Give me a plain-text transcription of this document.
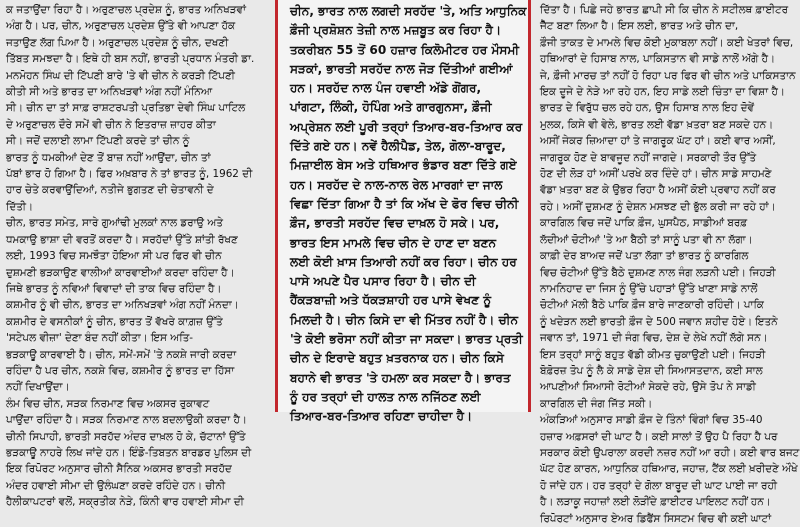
ਕ ਜਤਾਉਂਦਾ ਰਿਹਾ ਹੈ। ਅਰੁਣਾਚਲ ਪ੍ਰਦੇਸ਼ ਨੂੰ, ਭਾਰਤ ਅਨਿਖੜਵਾਂ
ਅੰਗ ਹੈ। ਪਰ, ਚੀਨ, ਅਰੁਣਾਚਲ ਪ੍ਰਦੇਸ਼ ਉੱਤੇ ਵੀ ਆਪਣਾ ਹੱਕ
ਜਤਾਉਣ ਲੱਗ ਪਿਆ ਹੈ। ਅਰੁਣਾਚਲ ਪ੍ਰਦੇਸ਼ ਨੂੰ ਚੀਨ, ਦਖਣੀ
ਤਿੱਬਤ ਸਮਝਦਾ ਹੈ। ਇਥੇ ਹੀ ਬਸ ਨਹੀਂ, ਭਾਰਤੀ ਪ੍ਰਧਾਨ ਮੰਤਰੀ ਡਾ.
ਮਨਮੋਹਨ ਸਿੰਘ ਦੀ ਟਿੱਪਣੀ ਬਾਰੇ 'ਤੇ ਵੀ ਚੀਨ ਨੇ ਕਰੜੀ ਟਿੱਪਣੀ
ਕੀਤੀ ਸੀ ਅਤੇ ਭਾਰਤ ਦਾ ਅਨਿਖੜਵਾਂ ਅੰਗ ਨਹੀਂ ਮੰਨਿਆ
ਸੀ। ਚੀਨ ਦਾ ਤਾਂ ਸਾਫ਼ ਰਾਸ਼ਟਰਪਤੀ ਪ੍ਰਤਿਭਾ ਦੇਵੀ ਸਿੰਘ ਪਾਟਿਲ
ਦੇ ਅਰੁਣਾਚਲ ਦੌਰੇ ਸਮੇਂ ਵੀ ਚੀਨ ਨੇ ਇਤਰਾਜ਼ ਜ਼ਾਹਰ ਕੀਤਾ
ਸੀ। ਜਦੋਂ ਦਲਾਈ ਲਾਮਾ ਟਿੱਪਣੀ ਕਰਦੇ ਤਾਂ ਚੀਨ ਨੂੰ
ਭਾਰਤ ਨੂੰ ਧਮਕੀਆਂ ਦੇਣ ਤੋਂ ਬਾਜ਼ ਨਹੀਂ ਆਉਂਦਾ, ਚੀਨ ਤਾਂ
ਪੱਬਾਂ ਭਾਰ ਹੋ ਗਿਆ ਹੈ। ਫਿਰ ਅਖ਼ਬਾਰ ਨੇ ਤਾਂ ਭਾਰਤ ਨੂੰ, 1962 ਦੀ
ਹਾਰ ਚੇਤੇ ਕਰਵਾਉਂਦਿਆਂ, ਨਤੀਜੇ ਭੁਗਤਣ ਦੀ ਚੇਤਾਵਨੀ ਦੇ
ਦਿੱਤੀ।
ਚੀਨ, ਭਾਰਤ ਸਮੇਤ, ਸਾਰੇ ਗੁਆਂਢੀ ਮੁਲਕਾਂ ਨਾਲ ਡਰਾਉ ਅਤੇ
ਧਮਕਾਉ ਭਾਸ਼ਾ ਦੀ ਵਰਤੋਂ ਕਰਦਾ ਹੈ। ਸਰਹੱਦਾਂ ਉੱਤੇ ਸ਼ਾਂਤੀ ਰੱਖਣ
ਲਈ, 1993 ਵਿਚ ਸਮਝੌਤਾ ਹੋਇਆ ਸੀ ਪਰ ਫਿਰ ਵੀ ਚੀਨ
ਦੁਸ਼ਮਣੀ ਭੜਕਾਉਣ ਵਾਲੀਆਂ ਕਾਰਵਾਈਆਂ ਕਰਦਾ ਰਹਿੰਦਾ ਹੈ।
ਜਿਥੇ ਭਾਰਤ ਨੂੰ ਨਵਿਆਂ ਵਿਵਾਦਾਂ ਦੀ ਤਾਕ ਵਿਚ ਰਹਿੰਦਾ ਹੈ।
ਕਸ਼ਮੀਰ ਨੂੰ ਵੀ ਚੀਨ, ਭਾਰਤ ਦਾ ਅਨਿਖੜਵਾਂ ਅੰਗ ਨਹੀਂ ਮੰਨਦਾ।
ਕਸ਼ਮੀਰ ਦੇ ਵਸਨੀਕਾਂ ਨੂੰ ਚੀਨ, ਭਾਰਤ ਤੋਂ ਵੱਖਰੇ ਕਾਗ਼ਜ਼ ਉੱਤੇ
'ਸਟੇਪਲ ਵੀਜ਼ਾ' ਦੇਣਾ ਬੰਦ ਨਹੀਂ ਕੀਤਾ। ਇਸ ਅਤਿ-
ਭੜਕਾਊ ਕਾਰਵਾਈ ਹੈ। ਚੀਨ, ਸਮੇਂ-ਸਮੇਂ 'ਤੇ ਨਕਸ਼ੇ ਜਾਰੀ ਕਰਦਾ
ਰਹਿੰਦਾ ਹੈ ਪਰ ਚੀਨ, ਨਕਸ਼ੇ ਵਿਚ, ਕਸ਼ਮੀਰ ਨੂੰ ਭਾਰਤ ਦਾ ਹਿੱਸਾ
ਨਹੀਂ ਦਿਖਾਉਂਦਾ।
ਲੰਮ ਵਿਚ ਚੀਨ, ਸੜਕ ਨਿਰਮਾਣ ਵਿਚ ਅਕਸਰ ਰੁਕਾਵਟ
ਪਾਉਂਦਾ ਰਹਿੰਦਾ ਹੈ। ਸੜਕ ਨਿਰਮਾਣ ਨਾਲ ਬਦਲਾਉਕੀ ਕਰਦਾ ਹੈ।
ਚੀਨੀ ਸਿਪਾਹੀ, ਭਾਰਤੀ ਸਰਹੱਦ ਅੰਦਰ ਦਾਖ਼ਲ ਹੋ ਕੇ, ਚੱਟਾਨਾਂ ਉੱਤੇ
ਭੜਕਾਊ ਨਾਹਰੇ ਲਿਖ ਜਾਂਦੇ ਹਨ। ਇੰਡੋ-ਤਿਬਤਨ ਬਾਰਡਰ ਪੁਲਿਸ ਦੀ
ਇਕ ਰਿਪੋਰਟ ਅਨੁਸਾਰ ਚੀਨੀ ਸੈਨਿਕ ਅਕਸਰ ਭਾਰਤੀ ਸਰਹੱਦ
ਅੰਦਰ ਹਵਾਈ ਸੀਮਾ ਦੀ ਉਲੰਘਣਾ ਕਰਦੇ ਰਹਿੰਦੇ ਹਨ। ਚੀਨੀ
ਹੈਲੀਕਾਪਟਰਾਂ ਵਲੋਂ, ਸਕ੍ਰਤੀਕ ਨੇੜੇ, ਕਿੰਨੀ ਵਾਰ ਹਵਾਈ ਸੀਮਾ ਦੀ
ਚੀਨ, ਭਾਰਤ ਨਾਲ ਲਗਦੀ ਸਰਹੱਦ 'ਤੇ, ਅਤਿ ਆਧੁਨਿਕ
ਫ਼ੌਜੀ ਪ੍ਰਸ਼ੋਸ਼ਨ ਤੇਜ਼ੀ ਨਾਲ ਮਜ਼ਬੂਤ ਕਰ ਰਿਹਾ ਹੈ।
ਤਕਰੀਬਨ 55 ਤੋਂ 60 ਹਜ਼ਾਰ ਕਿਲੋਮੀਟਰ ਹਰ ਮੌਸਮੀ
ਸੜਕਾਂ, ਭਾਰਤੀ ਸਰਹੱਦ ਨਾਲ ਜੋੜ ਦਿੱਤੀਆਂ ਗਈਆਂ
ਹਨ। ਸਰਹੱਦ ਨਾਲ ਪੰਜ ਹਵਾਈ ਅੱਡੇ ਗੋਂਗਰ,
ਪਾਂਗਟਾ, ਲਿੰਕੀ, ਹੋਪਿੰਗ ਅਤੇ ਗਾਰਗੁਨਸਾ, ਫ਼ੌਜੀ
ਅਪ੍ਰੇਸ਼ਨ ਲਈ ਪੂਰੀ ਤਰ੍ਹਾਂ ਤਿਆਰ-ਬਰ-ਤਿਆਰ ਕਰ
ਦਿੱਤੇ ਗਏ ਹਨ। ਨਵੇਂ ਹੈਲੀਪੈਡ, ਤੇਲ, ਗੋਲਾ-ਬਾਰੂਦ,
ਮਿਜ਼ਾਈਲ ਬੇਸ ਅਤੇ ਹਥਿਆਰ ਭੰਡਾਰ ਬਣਾ ਦਿੱਤੇ ਗਏ
ਹਨ। ਸਰਹੱਦ ਦੇ ਨਾਲ-ਨਾਲ ਰੇਲ ਮਾਰਗਾਂ ਦਾ ਜਾਲ
ਵਿਛਾ ਦਿੱਤਾ ਗਿਆ ਹੈ ਤਾਂ ਕਿ ਅੱਖ ਦੇ ਫੋਰ ਵਿਚ ਚੀਨੀ
ਫ਼ੌਜ, ਭਾਰਤੀ ਸਰਹੱਦ ਵਿਚ ਦਾਖ਼ਲ ਹੋ ਸਕੇ। ਪਰ,
ਭਾਰਤ ਇਸ ਮਾਮਲੇ ਵਿਚ ਚੀਨ ਦੇ ਹਾਣ ਦਾ ਬਣਨ
ਲਈ ਕੋਈ ਖ਼ਾਸ ਤਿਆਰੀ ਨਹੀਂ ਕਰ ਰਿਹਾ। ਚੀਨ ਹਰ
ਪਾਸੇ ਅਪਣੇ ਪੈਰ ਪਸਾਰ ਰਿਹਾ ਹੈ। ਚੀਨ ਦੀ
ਹੈਂਕੜਬਾਜ਼ੀ ਅਤੇ ਧੱਕੜਸ਼ਾਹੀ ਹਰ ਪਾਸੇ ਵੇਖਣ ਨੂੰ
ਮਿਲਦੀ ਹੈ। ਚੀਨ ਕਿਸੇ ਦਾ ਵੀ ਮਿੱਤਰ ਨਹੀਂ ਹੈ। ਚੀਨ
'ਤੇ ਕੋਈ ਭਰੋਸਾ ਨਹੀਂ ਕੀਤਾ ਜਾ ਸਕਦਾ। ਭਾਰਤ ਪ੍ਰਤੀ
ਚੀਨ ਦੇ ਇਰਾਦੇ ਬਹੁਤ ਖ਼ਤਰਨਾਕ ਹਨ। ਚੀਨ ਕਿਸੇ
ਬਹਾਨੇ ਵੀ ਭਾਰਤ 'ਤੇ ਹਮਲਾ ਕਰ ਸਕਦਾ ਹੈ। ਭਾਰਤ
ਨੂੰ ਹਰ ਤਰ੍ਹਾਂ ਦੀ ਹਾਲਤ ਨਾਲ ਨਜਿੱਠਣ ਲਈ
ਤਿਆਰ-ਬਰ-ਤਿਆਰ ਰਹਿਣਾ ਚਾਹੀਦਾ ਹੈ।
ਦਿੱਤਾ ਹੈ। ਪਿਛੇ ਜਹੇ ਭਾਰਤ ਛਾਪੀ ਸੀ ਕਿ ਚੀਨ ਨੇ ਸਟੀਲਥ ਫ਼ਾਈਟਰ
ਜੈੱਟ ਬਣਾ ਲਿਆ ਹੈ। ਇਸ ਲਈ, ਭਾਰਤ ਅਤੇ ਚੀਨ ਦਾ,
ਫ਼ੌਜੀ ਤਾਕਤ ਦੇ ਮਾਮਲੇ ਵਿਚ ਕੋਈ ਮੁਕਾਬਲਾ ਨਹੀਂ। ਕਈ ਖੇਤਰਾਂ ਵਿਚ,
ਹਥਿਆਰਾਂ ਦੇ ਹਿਸਾਬ ਨਾਲ, ਪਾਕਿਸਤਾਨ ਵੀ ਸਾਡੇ ਨਾਲੋਂ ਅੱਗੇ ਹੈ।
ਜੇ, ਫ਼ੌਜੀ ਮਾਰਚ ਤਾਂ ਨਹੀਂ ਹੋ ਰਿਹਾ ਪਰ ਫਿਰ ਵੀ ਚੀਨ ਅਤੇ ਪਾਕਿਸਤਾਨ
ਇਕ ਦੂਜੇ ਦੇ ਨੇੜੇ ਆ ਰਹੇ ਹਨ, ਇਹ ਸਾਡੇ ਲਈ ਚਿੰਤਾ ਦਾ ਵਿਸ਼ਾ ਹੈ।
ਭਾਰਤ ਦੇ ਵਿਰੁੱਧ ਚਲ ਰਹੇ ਹਨ, ਉਸ ਹਿਸਾਬ ਨਾਲ ਇਹ ਦੋਵੇਂ
ਮੁਲਕ, ਕਿਸੇ ਵੀ ਵੇਲੇ, ਭਾਰਤ ਲਈ ਵੱਡਾ ਖ਼ਤਰਾ ਬਣ ਸਕਦੇ ਹਨ।
ਅਸੀਂ ਜੇਕਰ ਜ਼ਿਆਦਾ ਹਾਂ ਤੇ ਜਾਗਰੂਕ ਘੱਟ ਹਾਂ। ਕਈ ਵਾਰ ਅਸੀਂ,
ਜਾਗਰੂਕ ਹੋਣ ਦੇ ਬਾਵਜੂਦ ਨਹੀਂ ਜਾਗਦੇ। ਸਰਕਾਰੀ ਤੌਰ ਉੱਤੇ
ਹੋਣ ਦੀ ਲੋੜ ਹਾਂ ਅਸੀਂ ਪਰਖੇ ਕਰ ਦਿੰਦੇ ਹਾਂ। ਚੀਨ ਸਾਡੇ ਸਾਹਮਣੇ
ਵੱਡਾ ਖ਼ਤਰਾ ਬਣ ਕੇ ਉਭਰ ਰਿਹਾ ਹੈ ਅਸੀਂ ਕੋਈ ਪ੍ਰਵਾਹ ਨਹੀਂ ਕਰ
ਰਹੇ। ਅਸੀਂ ਦੁਸ਼ਮਣ ਨੂੰ ਦੇਸ਼ਨ ਮਸਝਣ ਦੀ ਭੁੱਲ ਕਰੀ ਜਾ ਰਹੇ ਹਾਂ।
ਕਾਰਗਿਲ ਵਿਚ ਜਦੋਂ ਪਾਕਿ ਫ਼ੌਜ, ਘੁਸਪੈਠ, ਸਾਡੀਆਂ ਬਰਫ਼
ਲੱਦੀਆਂ ਚੋਟੀਆਂ 'ਤੇ ਆ ਬੈਠੀ ਤਾਂ ਸਾਨੂੰ ਪਤਾ ਵੀ ਨਾ ਲੱਗਾ।
ਕਾਫ਼ੀ ਦੇਰ ਬਾਅਦ ਜਦੋਂ ਪਤਾ ਲੱਗਾ ਤਾਂ ਭਾਰਤ ਨੂੰ ਕਾਰਗਿਲ
ਵਿਚ ਚੋਟੀਆਂ ਉੱਤੇ ਬੈਠੇ ਦੁਸ਼ਮਣ ਨਾਲ ਜੰਗ ਲੜਨੀ ਪਈ। ਜਿਹੜੀ
ਨਾਮਨਿਹਾਦ ਦਾ ਜਿਸ ਨੂੰ ਉੱਚੇ ਪਹਾੜਾਂ ਉੱਤੇ ਖਾਣਾ ਸਾਡੇ ਨਾਲੋਂ
ਚੋਟੀਆਂ ਮੱਲੀ ਬੈਠੇ ਪਾਕਿ ਫ਼ੌਜ ਬਾਰੇ ਜਾਣਕਾਰੀ ਰਹਿੰਦੀ। ਪਾਕਿ
ਨੂੰ ਖਦੇੜਨ ਲਈ ਭਾਰਤੀ ਫ਼ੌਜ ਦੇ 500 ਜਵਾਨ ਸ਼ਹੀਦ ਹੋਏ। ਇਤਨੇ
ਜਵਾਨ ਤਾਂ, 1971 ਦੀ ਜੰਗ ਵਿਚ, ਦੇਸ਼ ਦੇ ਲੇਖੇ ਨਹੀਂ ਲੱਗੇ ਸਨ।
ਇਸ ਤਰ੍ਹਾਂ ਸਾਨੂੰ ਬਹੁਤ ਵੱਡੀ ਕੀਮਤ ਚੁਕਾਉਣੀ ਪਈ। ਜਿਹੜੀ
ਬੋਫ਼ੋਰਜ਼ ਤੋਪ ਨੂੰ ਲੈ ਕੇ ਸਾਡੇ ਦੇਸ਼ ਦੀ ਸਿਆਸਤਦਾਨ, ਕਈ ਸਾਲ
ਆਪਣੀਆਂ ਸਿਆਸੀ ਰੋਟੀਆਂ ਸੇਕਦੇ ਰਹੇ, ਉਸੇ ਤੋਪ ਨੇ ਸਾਡੀ
ਕਾਰਗਿਲ ਦੀ ਜੰਗ ਜਿੱਤ ਸਕੀ।
ਅੰਕੜਿਆਂ ਅਨੁਸਾਰ ਸਾਡੀ ਫ਼ੌਜ ਦੇ ਤਿੰਨਾਂ ਵਿੰਗਾਂ ਵਿਚ 35-40
ਹਜ਼ਾਰ ਅਫ਼ਸਰਾਂ ਦੀ ਘਾਟ ਹੈ। ਕਈ ਸਾਲਾਂ ਤੋਂ ਉਹ ਪੈ ਰਿਹਾ ਹੈ ਪਰ
ਸਰਕਾਰ ਕੋਈ ਉਪਰਾਲਾ ਕਰਦੀ ਨਜ਼ਰ ਨਹੀਂ ਆ ਰਹੀ। ਕਈ ਵਾਰ ਬਜਟ
ਘੱਟ ਹੋਣ ਕਾਰਨ, ਆਧੁਨਿਕ ਹਥਿਆਰ, ਜਹਾਜ਼, ਟੈਂਕ ਲਈ ਖ਼ਰੀਦਣੇ ਔਖੇ
ਹੋ ਜਾਂਦੇ ਹਨ। ਹਰ ਤਰ੍ਹਾਂ ਦੇ ਗੋਲਾ ਬਾਰੂਦ ਦੀ ਘਾਟ ਪਾਈ ਜਾ ਰਹੀ
ਹੈ। ਲੜਾਕੂ ਜਹਾਜ਼ਾਂ ਲਈ ਲੋੜੀਂਦੇ ਫ਼ਾਈਟਰ ਪਾਇਲਟ ਨਹੀਂ ਹਨ।
ਰਿਪੋਰਟਾਂ ਅਨੁਸਾਰ ਏਅਰ ਡਿਫੈਂਸ ਸਿਸਟਮ ਵਿਚ ਵੀ ਕਈ ਘਾਟਾਂ
